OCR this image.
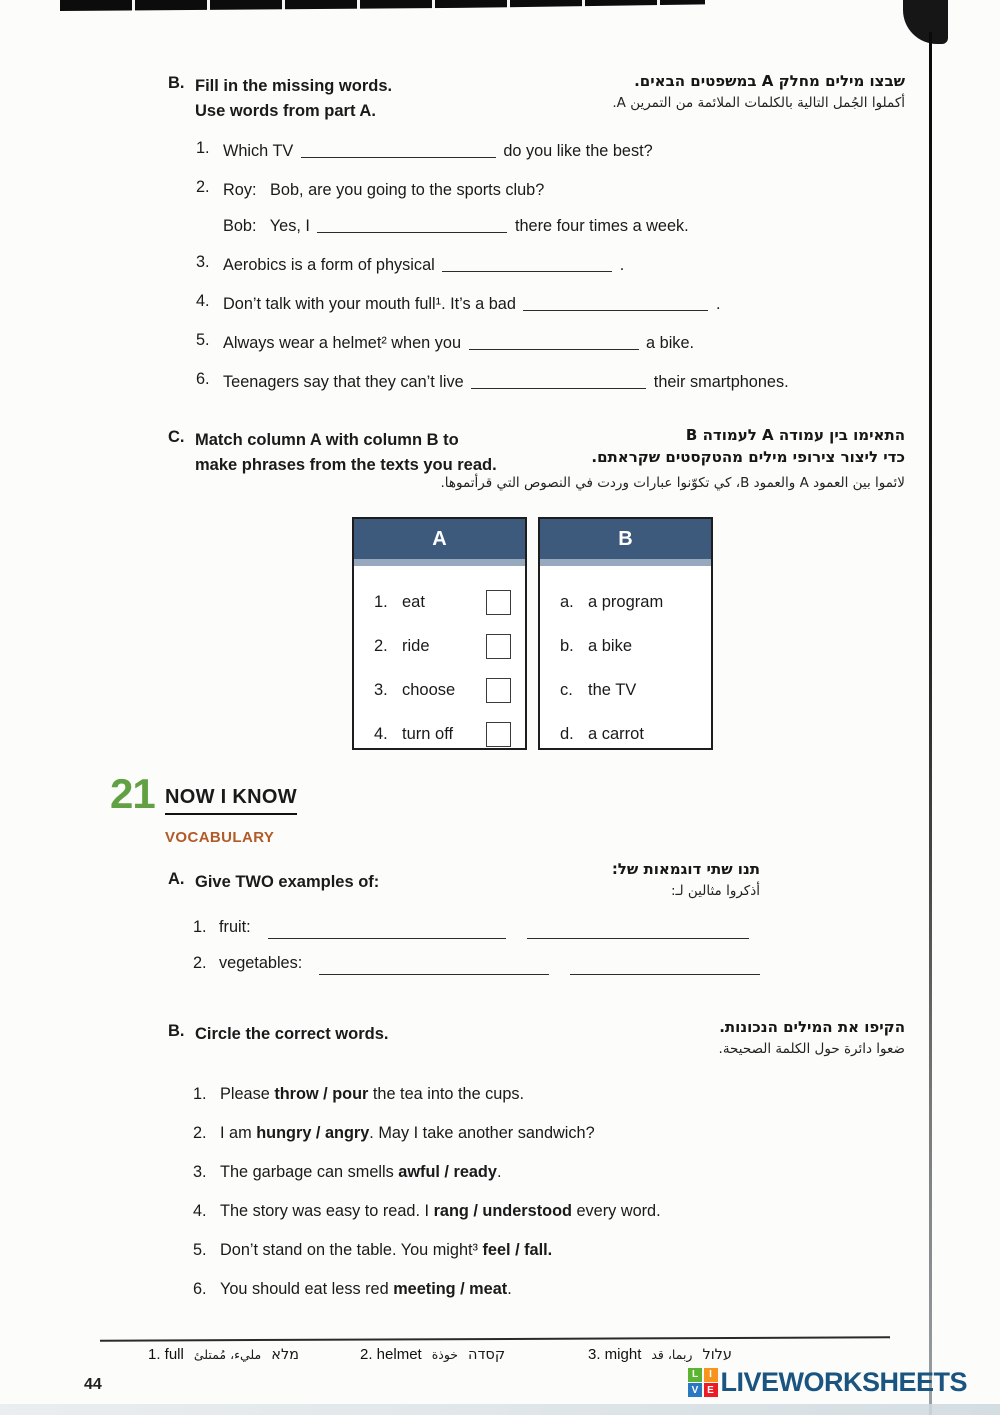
B. Fill in the missing words.
Use words from part A.
שבצו מילים מחלק A במשפטים הבאים.
أكملوا الجُمل التالية بالكلمات الملائمة من التمرين A.
1. Which TV	do you like the best?
2. Roy:   Bob, are you going to the sports club?
Bob:   Yes, I	there four times a week.
3. Aerobics is a form of physical	.
4. Don’t talk with your mouth full¹. It’s a bad	.
5. Always wear a helmet² when you	a bike.
6. Teenagers say that they can’t live	their smartphones.
C. Match column A with column B to
make phrases from the texts you read.
התאימו בין עמודה A לעמודה B
כדי ליצור צירופי מילים מהטקסטים שקראתם.
لائموا بين العمود A والعمود B، كي تكوّنوا عبارات وردت في النصوص التي قرأتموها.
A
1. eat
2. ride
3. choose
4. turn off
B
a. a program
b. a bike
c. the TV
d. a carrot
21 NOW I KNOW
VOCABULARY
A. Give TWO examples of:
תנו שתי דוגמאות של:
أذكروا مثالين لـ:
1. fruit:
2. vegetables:
B. Circle the correct words.	הקיפו את המילים הנכונות.
ضعوا دائرة حول الكلمة الصحيحة.
1. Please throw / pour the tea into the cups.
2. I am hungry / angry. May I take another sandwich?
3. The garbage can smells awful / ready.
4. The story was easy to read. I rang / understood every word.
5. Don’t stand on the table. You might³ feel / fall.
6. You should eat less red meeting / meat.
1. full مليء، مُمتلئ מלא	2. helmet خوذة קסדה	3. might ربما، قد עלול
44
L	I
V E LIVEWORKSHEETS
